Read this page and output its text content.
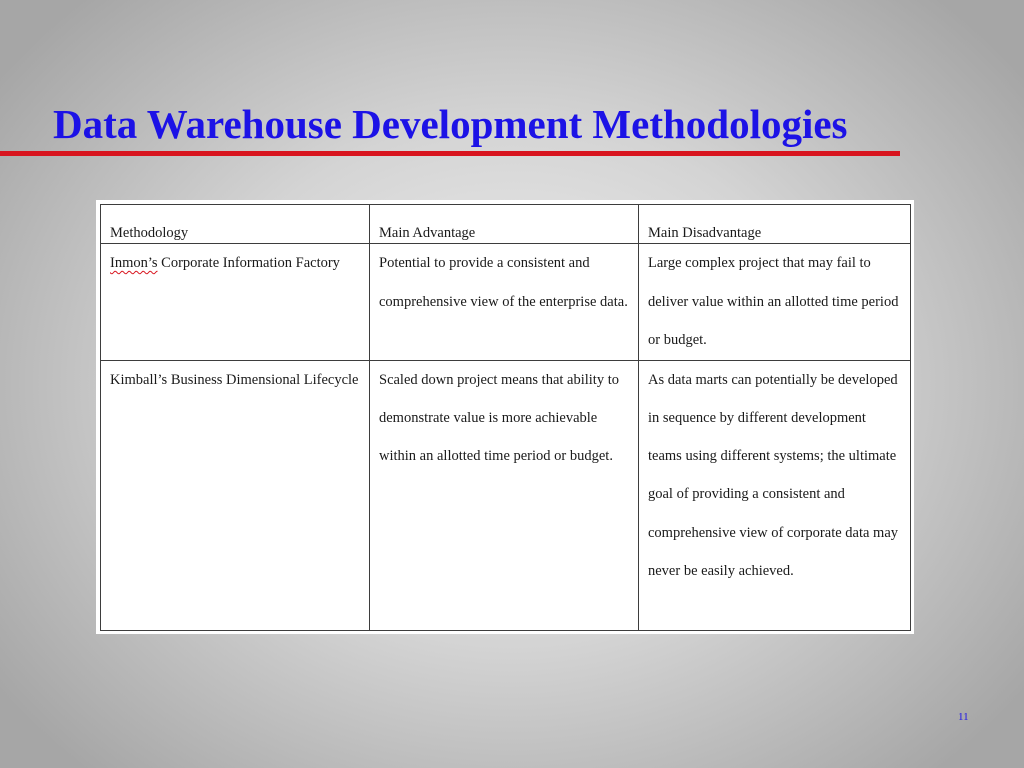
Data Warehouse Development Methodologies
Methodology	Main Advantage	Main Disadvantage
Inmon’s Corporate Information Factory	Potential to provide a consistent and comprehensive view of the enterprise data.	Large complex project that may fail to deliver value within an allotted time period or budget.
Kimball’s Business Dimensional Lifecycle	Scaled down project means that ability to demonstrate value is more achievable within an allotted time period or budget.	As data marts can potentially be developed in sequence by different development teams using different systems; the ultimate goal of providing a consistent and comprehensive view of corporate data may never be easily achieved.
11
